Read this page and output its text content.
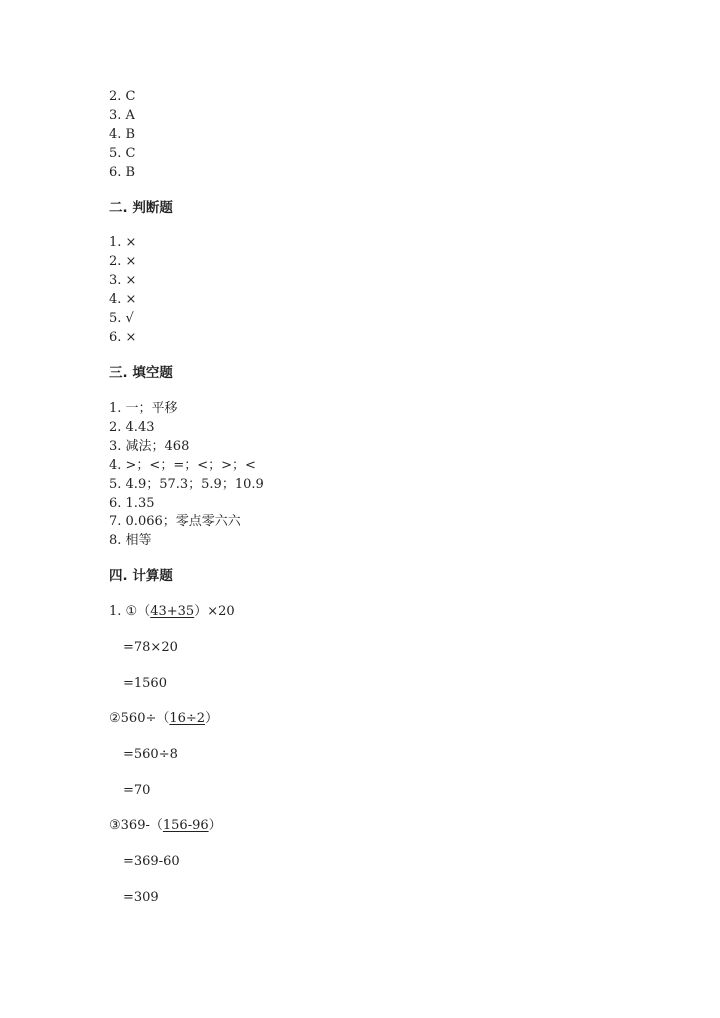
2. C
3. A
4. B
5. C
6. B
二. 判断题
1. ×
2. ×
3. ×
4. ×
5. √
6. ×
三. 填空题
1. 一；平移
2. 4.43
3. 减法；468
4. >；<；=；<；>；<
5. 4.9；57.3；5.9；10.9
6. 1.35
7. 0.066；零点零六六
8. 相等
四. 计算题
1. ①（43+35）×20
=78×20
=1560
②560÷（16÷2）
=560÷8
=70
③369-（156-96）
=369-60
=309
